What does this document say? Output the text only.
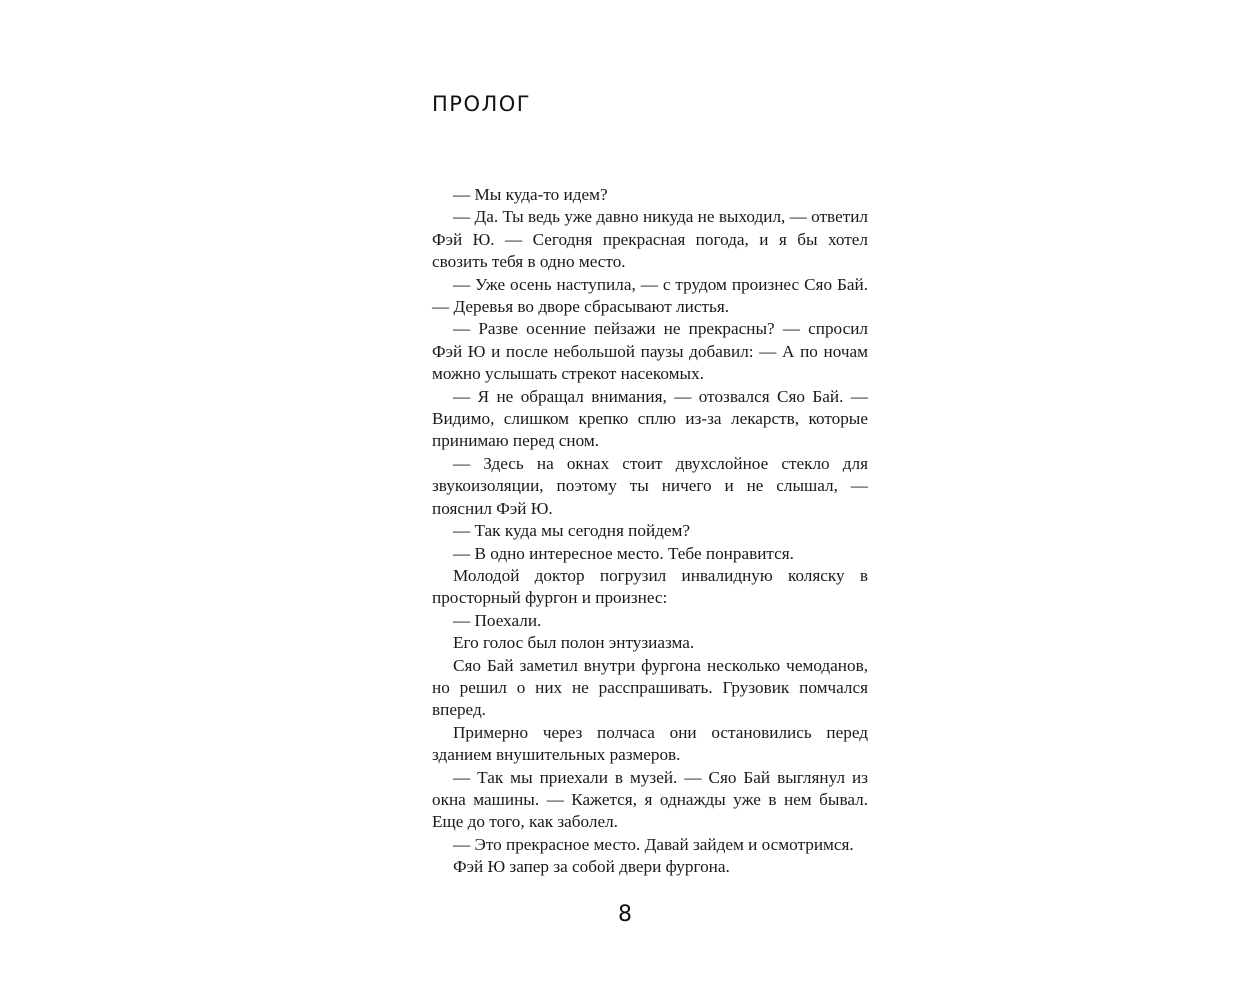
ПРОЛОГ

— Мы куда-то идем?

— Да. Ты ведь уже давно никуда не выходил, — ответил Фэй Ю. — Сегодня прекрасная погода, и я бы хотел свозить тебя в одно место.

— Уже осень наступила, — с трудом произнес Сяо Бай. — Деревья во дворе сбрасывают листья.

— Разве осенние пейзажи не прекрасны? — спросил Фэй Ю и после небольшой паузы добавил: — А по ночам можно услышать стрекот насекомых.

— Я не обращал внимания, — отозвался Сяо Бай. — Видимо, слишком крепко сплю из-за лекарств, которые принимаю перед сном.

— Здесь на окнах стоит двухслойное стекло для звукоизоляции, поэтому ты ничего и не слышал, — пояснил Фэй Ю.

— Так куда мы сегодня пойдем?

— В одно интересное место. Тебе понравится.

Молодой доктор погрузил инвалидную коляску в просторный фургон и произнес:

— Поехали.

Его голос был полон энтузиазма.

Сяо Бай заметил внутри фургона несколько чемоданов, но решил о них не расспрашивать. Грузовик помчался вперед.

Примерно через полчаса они остановились перед зданием внушительных размеров.

— Так мы приехали в музей. — Сяо Бай выглянул из окна машины. — Кажется, я однажды уже в нем бывал. Еще до того, как заболел.

— Это прекрасное место. Давай зайдем и осмотримся.

Фэй Ю запер за собой двери фургона.

8
